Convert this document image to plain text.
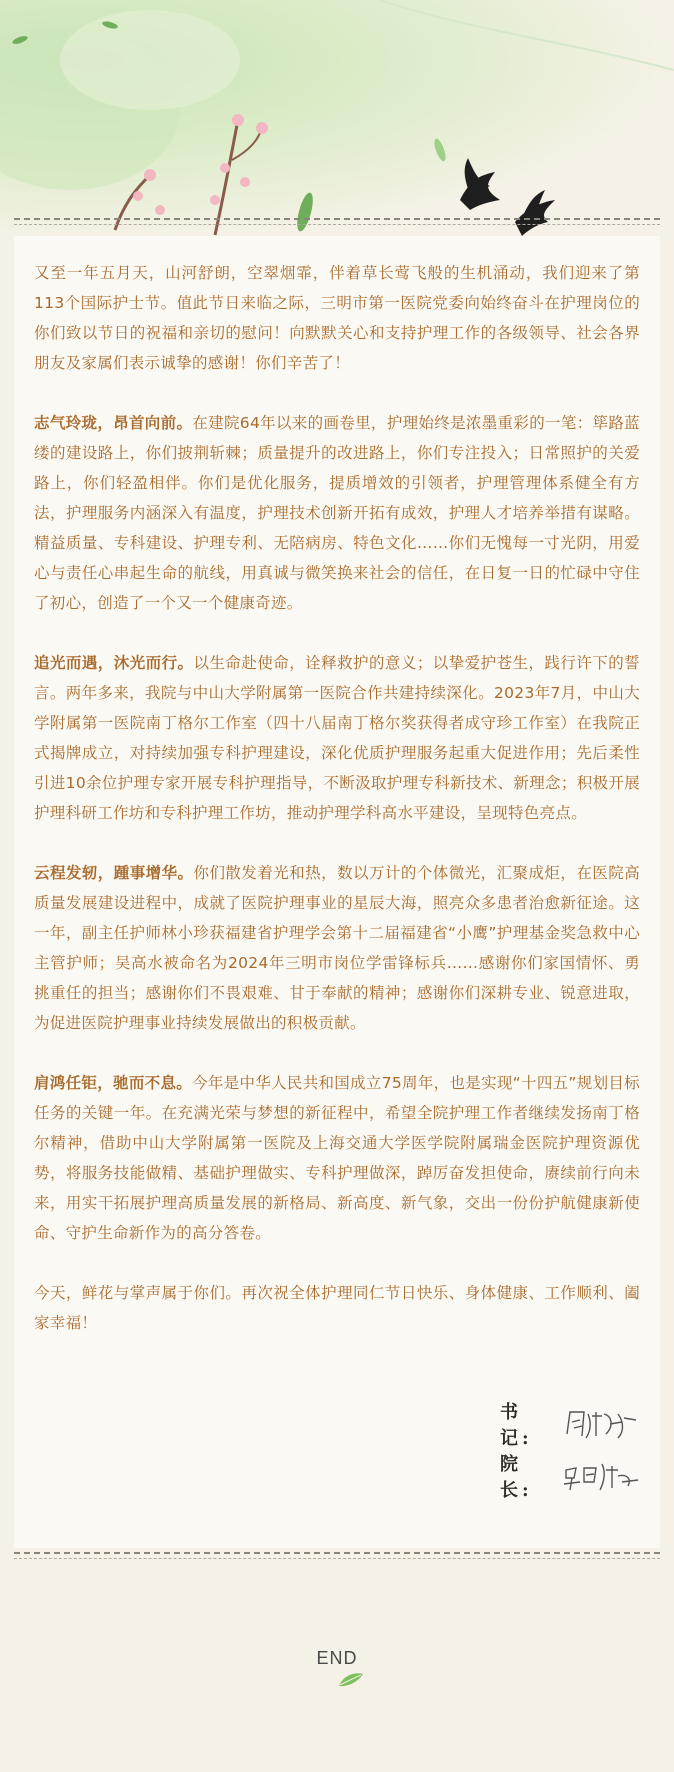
又至一年五月天，山河舒朗，空翠烟霏，伴着草长莺飞般的生机涌动，我们迎来了第113个国际护士节。值此节日来临之际，三明市第一医院党委向始终奋斗在护理岗位的你们致以节日的祝福和亲切的慰问！向默默关心和支持护理工作的各级领导、社会各界朋友及家属们表示诚挚的感谢！你们辛苦了！

志气玲珑，昂首向前。在建院64年以来的画卷里，护理始终是浓墨重彩的一笔：筚路蓝缕的建设路上，你们披荆斩棘；质量提升的改进路上，你们专注投入；日常照护的关爱路上，你们轻盈相伴。你们是优化服务，提质增效的引领者，护理管理体系健全有方法，护理服务内涵深入有温度，护理技术创新开拓有成效，护理人才培养举措有谋略。精益质量、专科建设、护理专利、无陪病房、特色文化……你们无愧每一寸光阴，用爱心与责任心串起生命的航线，用真诚与微笑换来社会的信任，在日复一日的忙碌中守住了初心，创造了一个又一个健康奇迹。

追光而遇，沐光而行。以生命赴使命，诠释救护的意义；以挚爱护苍生，践行许下的誓言。两年多来，我院与中山大学附属第一医院合作共建持续深化。2023年7月，中山大学附属第一医院南丁格尔工作室（四十八届南丁格尔奖获得者成守珍工作室）在我院正式揭牌成立，对持续加强专科护理建设，深化优质护理服务起重大促进作用；先后柔性引进10余位护理专家开展专科护理指导，不断汲取护理专科新技术、新理念；积极开展护理科研工作坊和专科护理工作坊，推动护理学科高水平建设，呈现特色亮点。

云程发轫，踵事增华。你们散发着光和热，数以万计的个体微光，汇聚成炬，在医院高质量发展建设进程中，成就了医院护理事业的星辰大海，照亮众多患者治愈新征途。这一年，副主任护师林小珍获福建省护理学会第十二届福建省“小鹰”护理基金奖急救中心主管护师；吴高水被命名为2024年三明市岗位学雷锋标兵……感谢你们家国情怀、勇挑重任的担当；感谢你们不畏艰难、甘于奉献的精神；感谢你们深耕专业、锐意进取，为促进医院护理事业持续发展做出的积极贡献。

肩鸿任钜，驰而不息。今年是中华人民共和国成立75周年，也是实现“十四五”规划目标任务的关键一年。在充满光荣与梦想的新征程中，希望全院护理工作者继续发扬南丁格尔精神，借助中山大学附属第一医院及上海交通大学医学院附属瑞金医院护理资源优势，将服务技能做精、基础护理做实、专科护理做深，踔厉奋发担使命，赓续前行向未来，用实干拓展护理高质量发展的新格局、新高度、新气象，交出一份份护航健康新使命、守护生命新作为的高分答卷。

今天，鲜花与掌声属于你们。再次祝全体护理同仁节日快乐、身体健康、工作顺利、阖家幸福！

书 记:
院 长:
END
